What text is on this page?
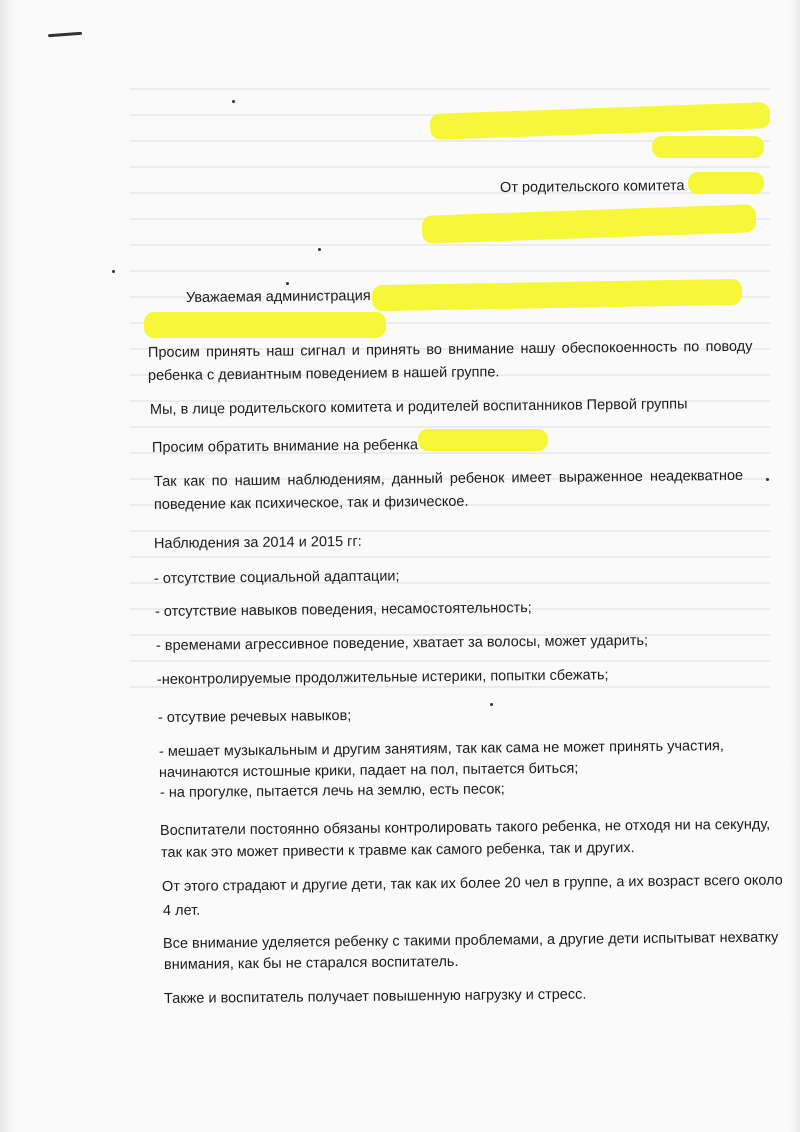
От родительского комитета
Уважаемая администрация
Просим принять наш сигнал и принять во внимание нашу обеспокоенность по поводу
ребенка с девиантным поведением в нашей группе.
Мы, в лице родительского комитета и родителей воспитанников Первой группы
Просим обратить внимание на ребенка
Так как по нашим наблюдениям, данный ребенок имеет выраженное неадекватное
поведение как психическое, так и физическое.
Наблюдения за 2014 и 2015 гг:
- отсутствие социальной адаптации;
- отсутствие навыков поведения, несамостоятельность;
- временами агрессивное поведение, хватает за волосы, может ударить;
-неконтролируемые продолжительные истерики, попытки сбежать;
- отсутвие речевых навыков;
- мешает музыкальным и другим занятиям, так как сама не может принять участия,
начинаются истошные крики, падает на пол, пытается биться;
- на прогулке, пытается лечь на землю, есть песок;
Воспитатели постоянно обязаны контролировать такого ребенка, не отходя ни на секунду,
так как это может привести к травме как самого ребенка, так и других.
От этого страдают и другие дети, так как их более 20 чел в группе, а их возраст всего около
4 лет.
Все внимание уделяется ребенку с такими проблемами, а другие дети испытыват нехватку
внимания, как бы не старался воспитатель.
Также и воспитатель получает повышенную нагрузку и стресс.
